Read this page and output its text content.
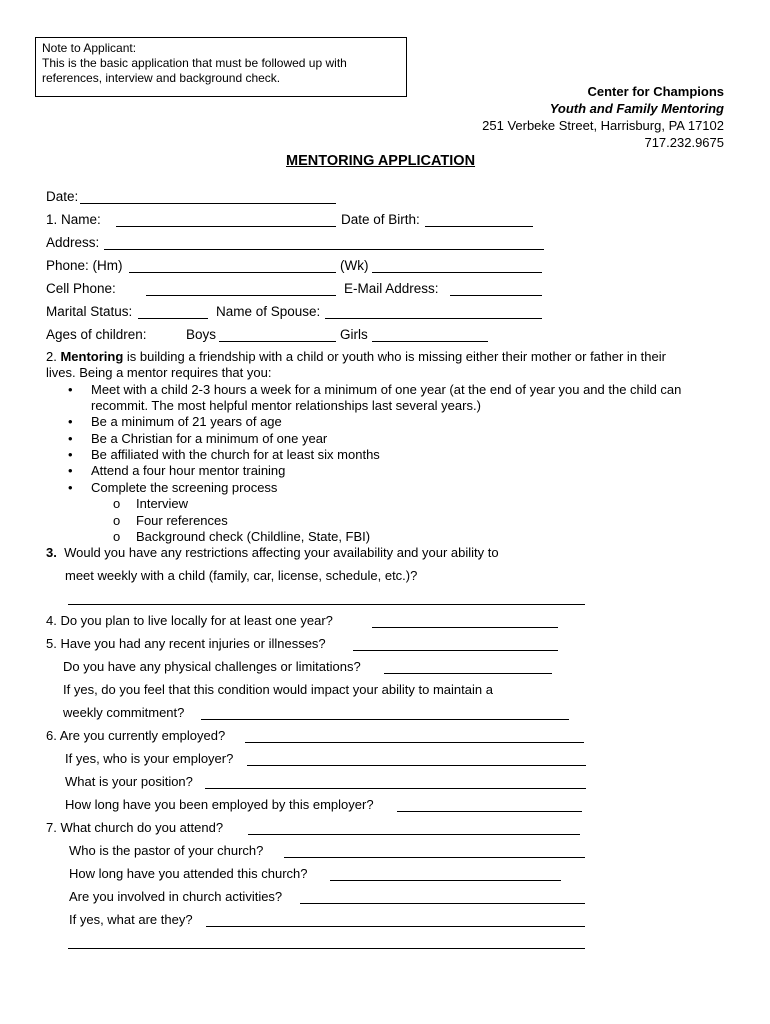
Note to Applicant:
This is the basic application that must be followed up with
references, interview and background check.
Center for Champions
Youth and Family Mentoring
251 Verbeke Street, Harrisburg, PA 17102
717.232.9675
MENTORING APPLICATION
Date:
1. Name:	Date of Birth:
Address:
Phone: (Hm)	(Wk)
Cell Phone:	E-Mail Address:
Marital Status:	Name of Spouse:
Ages of children:	Boys	Girls
2. Mentoring is building a friendship with a child or youth who is missing either their mother or father in their
lives. Being a mentor requires that you:
• Meet with a child 2-3 hours a week for a minimum of one year (at the end of year you and the child can
recommit. The most helpful mentor relationships last several years.)
• Be a minimum of 21 years of age
• Be a Christian for a minimum of one year
• Be affiliated with the church for at least six months
• Attend a four hour mentor training
• Complete the screening process
o Interview
o Four references
o Background check (Childline, State, FBI)
3. Would you have any restrictions affecting your availability and your ability to
meet weekly with a child (family, car, license, schedule, etc.)?
4. Do you plan to live locally for at least one year?
5. Have you had any recent injuries or illnesses?
Do you have any physical challenges or limitations?
If yes, do you feel that this condition would impact your ability to maintain a
weekly commitment?
6. Are you currently employed?
If yes, who is your employer?
What is your position?
How long have you been employed by this employer?
7. What church do you attend?
Who is the pastor of your church?
How long have you attended this church?
Are you involved in church activities?
If yes, what are they?
